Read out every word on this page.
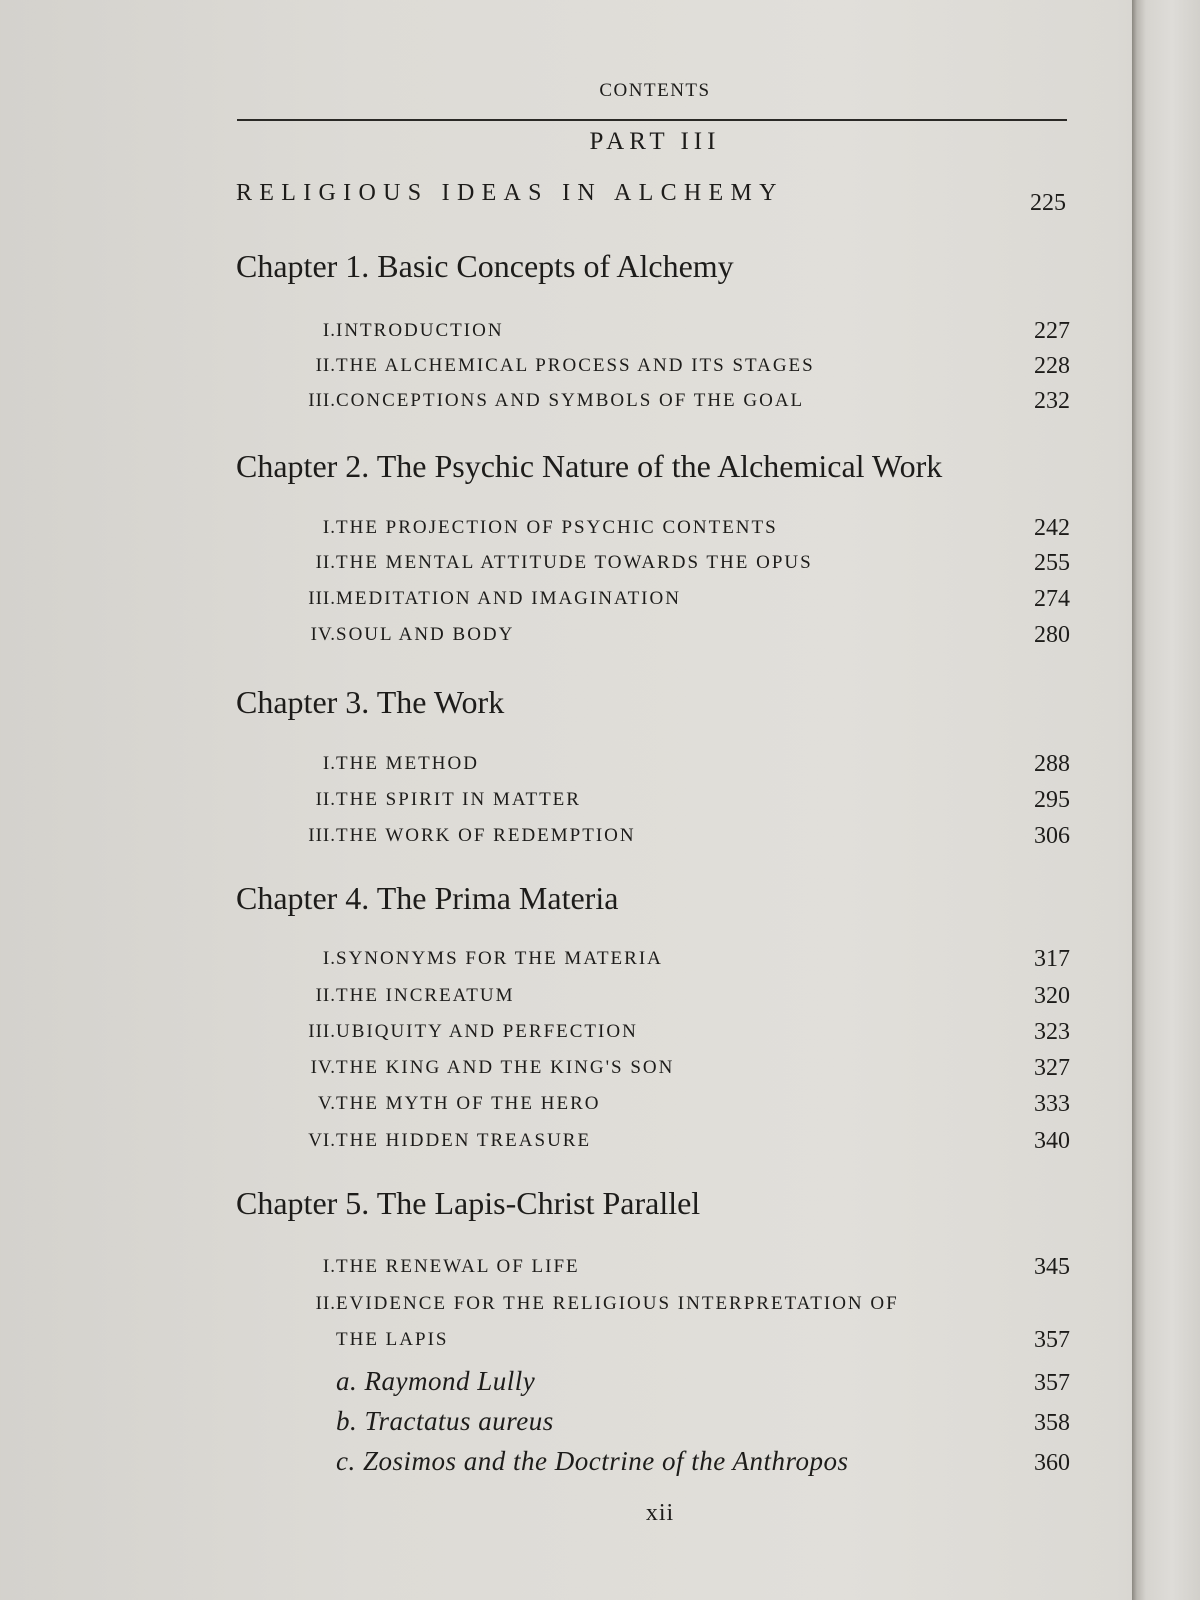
CONTENTS
PART III
RELIGIOUS IDEAS IN ALCHEMY	225
Chapter 1. Basic Concepts of Alchemy
I. INTRODUCTION	227
II. THE ALCHEMICAL PROCESS AND ITS STAGES	228
III. CONCEPTIONS AND SYMBOLS OF THE GOAL	232
Chapter 2. The Psychic Nature of the Alchemical Work
I. THE PROJECTION OF PSYCHIC CONTENTS	242
II. THE MENTAL ATTITUDE TOWARDS THE OPUS	255
III. MEDITATION AND IMAGINATION	274
IV. SOUL AND BODY	280
Chapter 3. The Work
I. THE METHOD	288
II. THE SPIRIT IN MATTER	295
III. THE WORK OF REDEMPTION	306
Chapter 4. The Prima Materia
I. SYNONYMS FOR THE MATERIA	317
II. THE INCREATUM	320
III. UBIQUITY AND PERFECTION	323
IV. THE KING AND THE KING'S SON	327
V. THE MYTH OF THE HERO	333
VI. THE HIDDEN TREASURE	340
Chapter 5. The Lapis-Christ Parallel
I. THE RENEWAL OF LIFE	345
II. EVIDENCE FOR THE RELIGIOUS INTERPRETATION OF
THE LAPIS	357
a. Raymond Lully	357
b. Tractatus aureus	358
c. Zosimos and the Doctrine of the Anthropos	360
xii
